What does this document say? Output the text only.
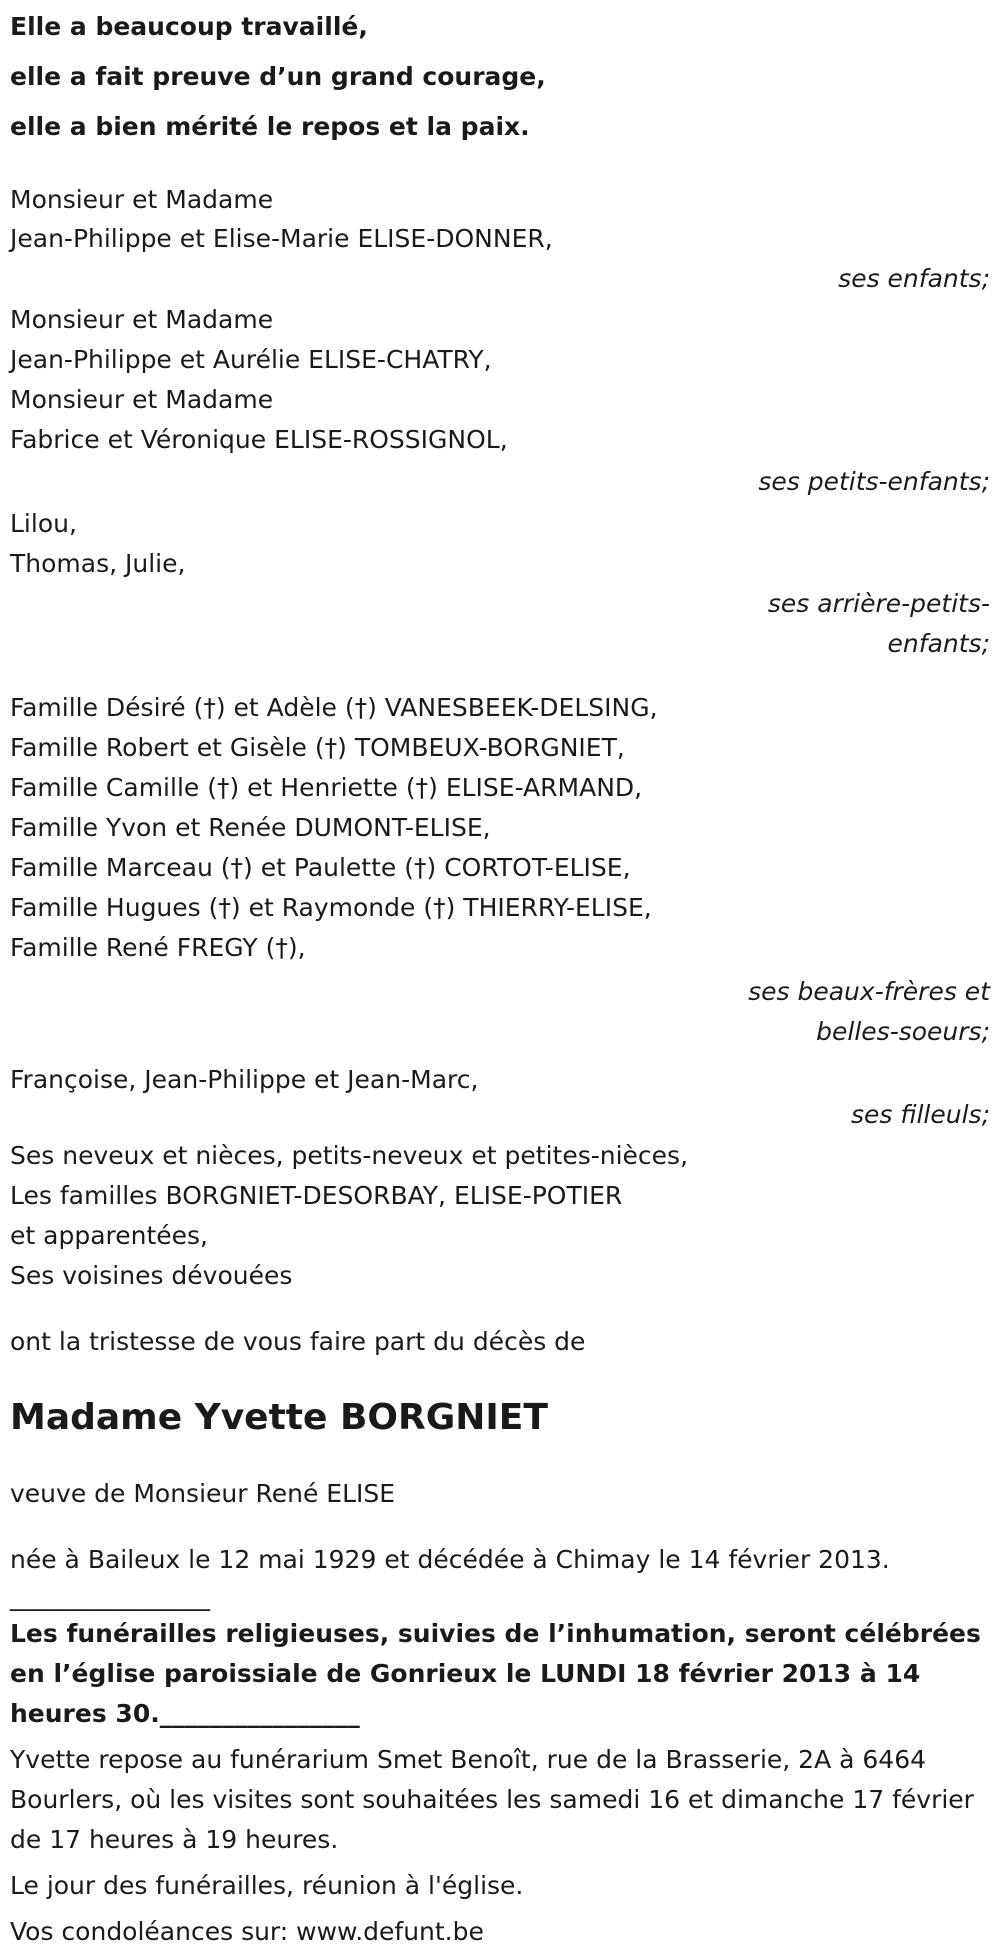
Elle a beaucoup travaillé,
elle a fait preuve d’un grand courage,
elle a bien mérité le repos et la paix.
Monsieur et Madame
Jean-Philippe et Elise-Marie ELISE-DONNER,
ses enfants;
Monsieur et Madame
Jean-Philippe et Aurélie ELISE-CHATRY,
Monsieur et Madame
Fabrice et Véronique ELISE-ROSSIGNOL,
ses petits-enfants;
Lilou,
Thomas, Julie,
ses arrière-petits-enfants;
Famille Désiré (†) et Adèle (†) VANESBEEK-DELSING,
Famille Robert et Gisèle (†) TOMBEUX-BORGNIET,
Famille Camille (†) et Henriette (†) ELISE-ARMAND,
Famille Yvon et Renée DUMONT-ELISE,
Famille Marceau (†) et Paulette (†) CORTOT-ELISE,
Famille Hugues (†) et Raymonde (†) THIERRY-ELISE,
Famille René FREGY (†),
ses beaux-frères et belles-soeurs;
Françoise, Jean-Philippe et Jean-Marc,
ses filleuls;
Ses neveux et nièces, petits-neveux et petites-nièces,
Les familles BORGNIET-DESORBAY, ELISE-POTIER
et apparentées,
Ses voisines dévouées
ont la tristesse de vous faire part du décès de
Madame Yvette BORGNIET
veuve de Monsieur René ELISE
née à Baileux le 12 mai 1929 et décédée à Chimay le 14 février 2013.
________________
Les funérailles religieuses, suivies de l’inhumation, seront célébrées en l’église paroissiale de Gonrieux le LUNDI 18 février 2013 à 14 heures 30.________________
Yvette repose au funérarium Smet Benoît, rue de la Brasserie, 2A à 6464 Bourlers, où les visites sont souhaitées les samedi 16 et dimanche 17 février de 17 heures à 19 heures.
Le jour des funérailles, réunion à l'église.
Vos condoléances sur: www.defunt.be
